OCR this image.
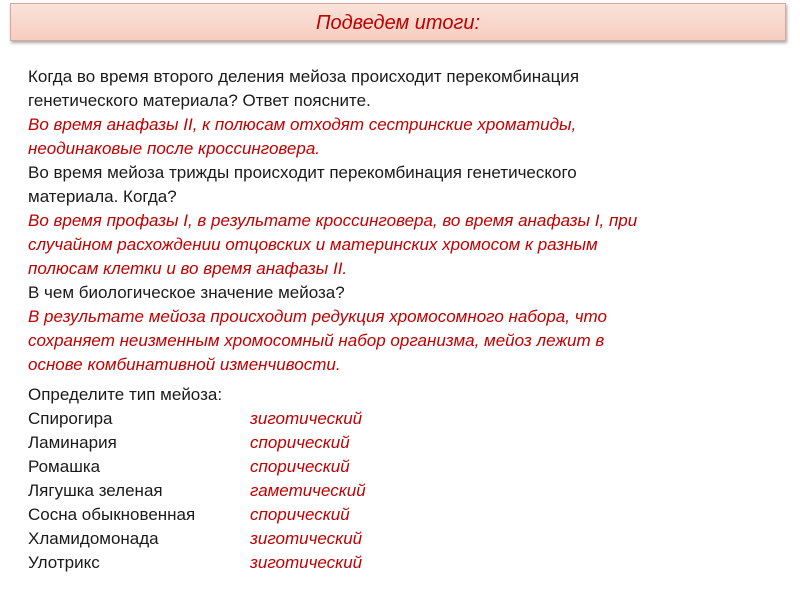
Подведем итоги:
Когда во время второго деления мейоза происходит перекомбинация
генетического материала? Ответ поясните.
Во время анафазы II, к полюсам отходят сестринские хроматиды,
неодинаковые после кроссинговера.
Во время мейоза трижды происходит перекомбинация генетического
материала. Когда?
Во время профазы I, в результате кроссинговера, во время анафазы I, при
случайном расхождении отцовских и материнских хромосом к разным
полюсам клетки и во время анафазы II.
В чем биологическое значение мейоза?
В результате мейоза происходит редукция хромосомного набора, что
сохраняет неизменным хромосомный набор организма, мейоз лежит в
основе комбинативной изменчивости.
Определите тип мейоза:
Спирогира	зиготический
Ламинария	спорический
Ромашка	спорический
Лягушка зеленая	гаметический
Сосна обыкновенная	спорический
Хламидомонада	зиготический
Улотрикс	зиготический
